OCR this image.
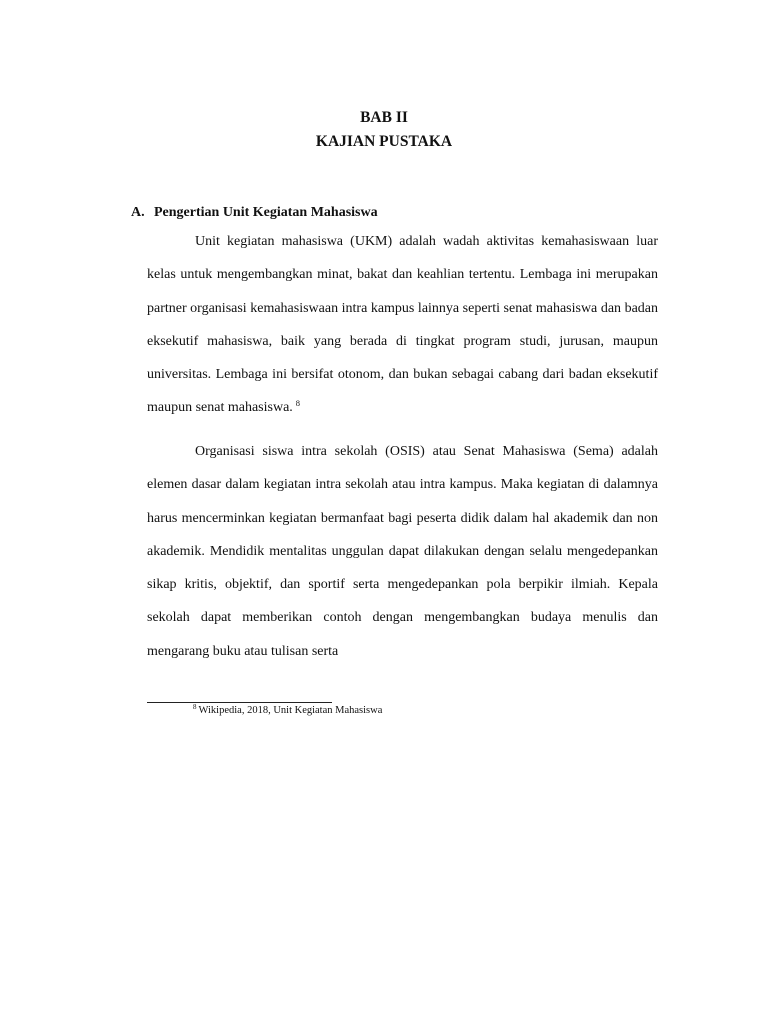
BAB II
KAJIAN PUSTAKA
A. Pengertian Unit Kegiatan Mahasiswa

Unit kegiatan mahasiswa (UKM) adalah wadah aktivitas kemahasiswaan luar kelas untuk mengembangkan minat, bakat dan keahlian tertentu. Lembaga ini merupakan partner organisasi kemahasiswaan intra kampus lainnya seperti senat mahasiswa dan badan eksekutif mahasiswa, baik yang berada di tingkat program studi, jurusan, maupun universitas. Lembaga ini bersifat otonom, dan bukan sebagai cabang dari badan eksekutif maupun senat mahasiswa. $^8$

Organisasi siswa intra sekolah (OSIS) atau Senat Mahasiswa (Sema) adalah elemen dasar dalam kegiatan intra sekolah atau intra kampus. Maka kegiatan di dalamnya harus mencerminkan kegiatan bermanfaat bagi peserta didik dalam hal akademik dan non akademik. Mendidik mentalitas unggulan dapat dilakukan dengan selalu mengedepankan sikap kritis, objektif, dan sportif serta mengedepankan pola berpikir ilmiah. Kepala sekolah dapat memberikan contoh dengan mengembangkan budaya menulis dan mengarang buku atau tulisan serta

$^8$ Wikipedia, 2018, Unit Kegiatan Mahasiswa
